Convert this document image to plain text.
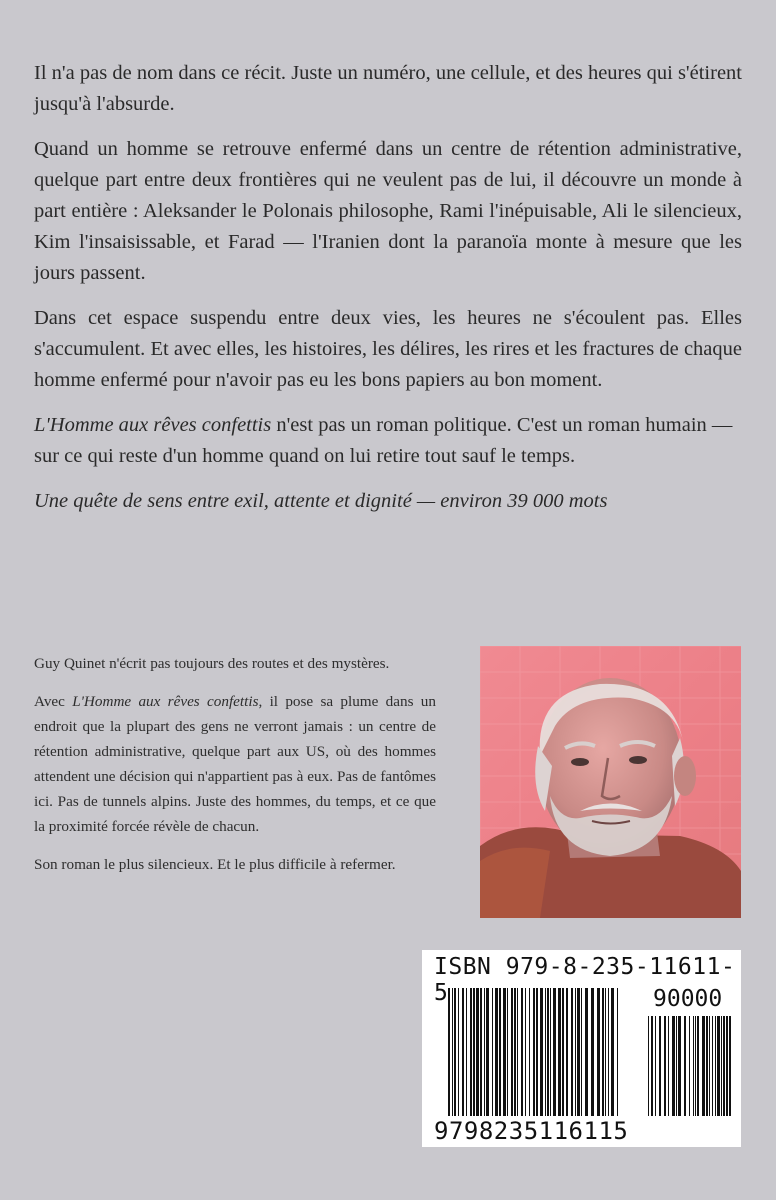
Il n'a pas de nom dans ce récit. Juste un numéro, une cellule, et des heures qui s'étirent jusqu'à l'absurde.

Quand un homme se retrouve enfermé dans un centre de rétention administrative, quelque part entre deux frontières qui ne veulent pas de lui, il découvre un monde à part entière : Aleksander le Polonais philosophe, Rami l'inépuisable, Ali le silencieux, Kim l'insaisissable, et Farad — l'Iranien dont la paranoïa monte à mesure que les jours passent.

Dans cet espace suspendu entre deux vies, les heures ne s'écoulent pas. Elles s'accumulent. Et avec elles, les histoires, les délires, les rires et les fractures de chaque homme enfermé pour n'avoir pas eu les bons papiers au bon moment.

L'Homme aux rêves confettis n'est pas un roman politique. C'est un roman humain — sur ce qui reste d'un homme quand on lui retire tout sauf le temps.

Une quête de sens entre exil, attente et dignité — environ 39 000 mots

Guy Quinet n'écrit pas toujours des routes et des mystères.

Avec L'Homme aux rêves confettis, il pose sa plume dans un endroit que la plupart des gens ne verront jamais : un centre de rétention administrative, quelque part aux US, où des hommes attendent une décision qui n'appartient pas à eux. Pas de fantômes ici. Pas de tunnels alpins. Juste des hommes, du temps, et ce que la proximité forcée révèle de chacun.

Son roman le plus silencieux. Et le plus difficile à refermer.

ISBN 979-8-235-11611-5	90000
9798235116115
